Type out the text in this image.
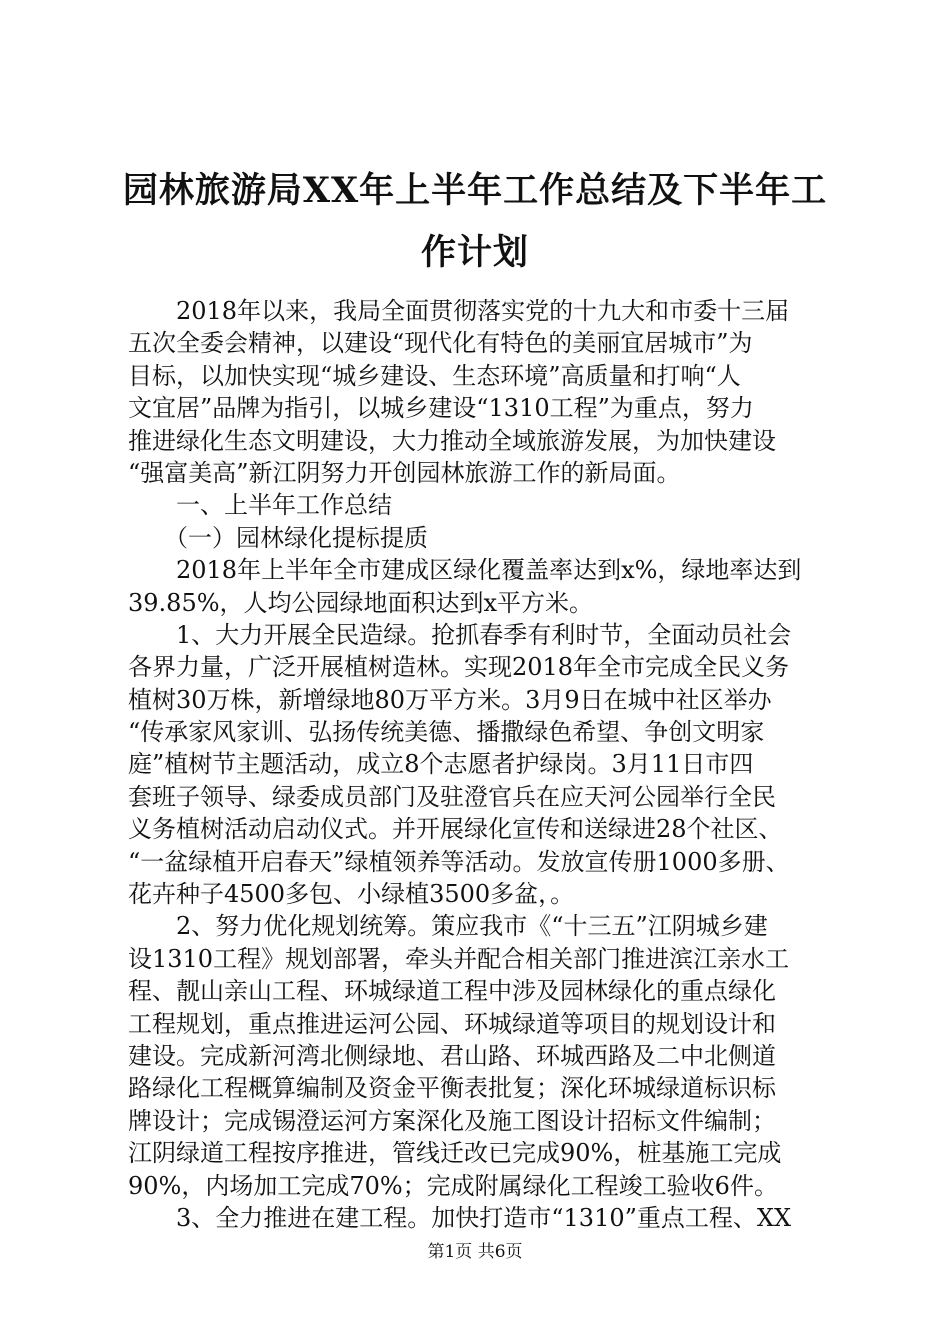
园林旅游局XX年上半年工作总结及下半年工
作计划
　　2018年以来，我局全面贯彻落实党的十九大和市委十三届
五次全委会精神，以建设“现代化有特色的美丽宜居城市”为
目标，以加快实现“城乡建设、生态环境”高质量和打响“人
文宜居”品牌为指引，以城乡建设“1310工程”为重点，努力
推进绿化生态文明建设，大力推动全域旅游发展，为加快建设
“强富美高”新江阴努力开创园林旅游工作的新局面。
　　一、上半年工作总结
　　（一）园林绿化提标提质
　　2018年上半年全市建成区绿化覆盖率达到x%，绿地率达到
39.85%，人均公园绿地面积达到x平方米。
　　1、大力开展全民造绿。抢抓春季有利时节，全面动员社会
各界力量，广泛开展植树造林。实现2018年全市完成全民义务
植树30万株，新增绿地80万平方米。3月9日在城中社区举办
“传承家风家训、弘扬传统美德、播撒绿色希望、争创文明家
庭”植树节主题活动，成立8个志愿者护绿岗。3月11日市四
套班子领导、绿委成员部门及驻澄官兵在应天河公园举行全民
义务植树活动启动仪式。并开展绿化宣传和送绿进28个社区、
“一盆绿植开启春天”绿植领养等活动。发放宣传册1000多册、
花卉种子4500多包、小绿植3500多盆，。
　　2、努力优化规划统筹。策应我市《“十三五”江阴城乡建
设1310工程》规划部署，牵头并配合相关部门推进滨江亲水工
程、靓山亲山工程、环城绿道工程中涉及园林绿化的重点绿化
工程规划，重点推进运河公园、环城绿道等项目的规划设计和
建设。完成新河湾北侧绿地、君山路、环城西路及二中北侧道
路绿化工程概算编制及资金平衡表批复；深化环城绿道标识标
牌设计；完成锡澄运河方案深化及施工图设计招标文件编制；
江阴绿道工程按序推进，管线迁改已完成90%，桩基施工完成
90%，内场加工完成70%；完成附属绿化工程竣工验收6件。
　　3、全力推进在建工程。加快打造市“1310”重点工程、XX
第1页 共6页
